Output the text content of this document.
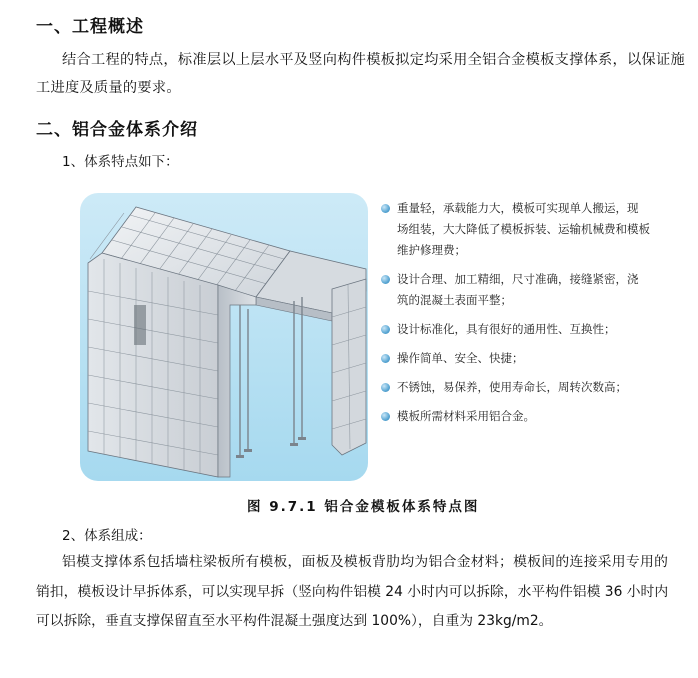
一、工程概述
结合工程的特点，标准层以上层水平及竖向构件模板拟定均采用全铝合金模板支撑体系，以保证施
工进度及质量的要求。
二、铝合金体系介绍
1、体系特点如下：
重量轻，承载能力大，模板可实现单人搬运，现
场组装，大大降低了模板拆装、运输机械费和模板
维护修理费；
设计合理、加工精细，尺寸准确，接缝紧密，浇
筑的混凝土表面平整；
设计标准化，具有很好的通用性、互换性；
操作简单、安全、快捷；
不锈蚀，易保养，使用寿命长，周转次数高；
模板所需材料采用铝合金。
图 9.7.1 铝合金模板体系特点图
2、体系组成：
铝模支撑体系包括墙柱梁板所有模板，面板及模板背肋均为铝合金材料；模板间的连接采用专用的
销扣，模板设计早拆体系，可以实现早拆（竖向构件铝模 24 小时内可以拆除，水平构件铝模 36 小时内
可以拆除，垂直支撑保留直至水平构件混凝土强度达到 100%），自重为 23kg/m2。
